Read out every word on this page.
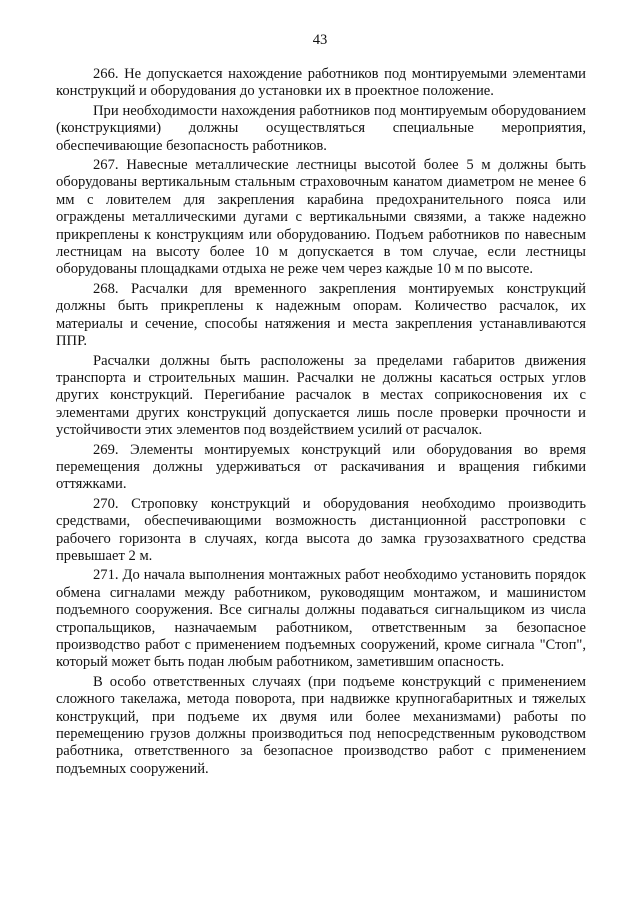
43

266. Не допускается нахождение работников под монтируемыми элементами конструкций и оборудования до установки их в проектное положение.

При необходимости нахождения работников под монтируемым оборудованием (конструкциями) должны осуществляться специальные мероприятия, обеспечивающие безопасность работников.

267. Навесные металлические лестницы высотой более 5 м должны быть оборудованы вертикальным стальным страховочным канатом диаметром не менее 6 мм с ловителем для закрепления карабина предохранительного пояса или ограждены металлическими дугами с вертикальными связями, а также надежно прикреплены к конструкциям или оборудованию. Подъем работников по навесным лестницам на высоту более 10 м допускается в том случае, если лестницы оборудованы площадками отдыха не реже чем через каждые 10 м по высоте.

268. Расчалки для временного закрепления монтируемых конструкций должны быть прикреплены к надежным опорам. Количество расчалок, их материалы и сечение, способы натяжения и места закрепления устанавливаются ППР.

Расчалки должны быть расположены за пределами габаритов движения транспорта и строительных машин. Расчалки не должны касаться острых углов других конструкций. Перегибание расчалок в местах соприкосновения их с элементами других конструкций допускается лишь после проверки прочности и устойчивости этих элементов под воздействием усилий от расчалок.

269. Элементы монтируемых конструкций или оборудования во время перемещения должны удерживаться от раскачивания и вращения гибкими оттяжками.

270. Строповку конструкций и оборудования необходимо производить средствами, обеспечивающими возможность дистанционной расстроповки с рабочего горизонта в случаях, когда высота до замка грузозахватного средства превышает 2 м.

271. До начала выполнения монтажных работ необходимо установить порядок обмена сигналами между работником, руководящим монтажом, и машинистом подъемного сооружения. Все сигналы должны подаваться сигнальщиком из числа стропальщиков, назначаемым работником, ответственным за безопасное производство работ с применением подъемных сооружений, кроме сигнала "Стоп", который может быть подан любым работником, заметившим опасность.

В особо ответственных случаях (при подъеме конструкций с применением сложного такелажа, метода поворота, при надвижке крупногабаритных и тяжелых конструкций, при подъеме их двумя или более механизмами) работы по перемещению грузов должны производиться под непосредственным руководством работника, ответственного за безопасное производство работ с применением подъемных сооружений.
